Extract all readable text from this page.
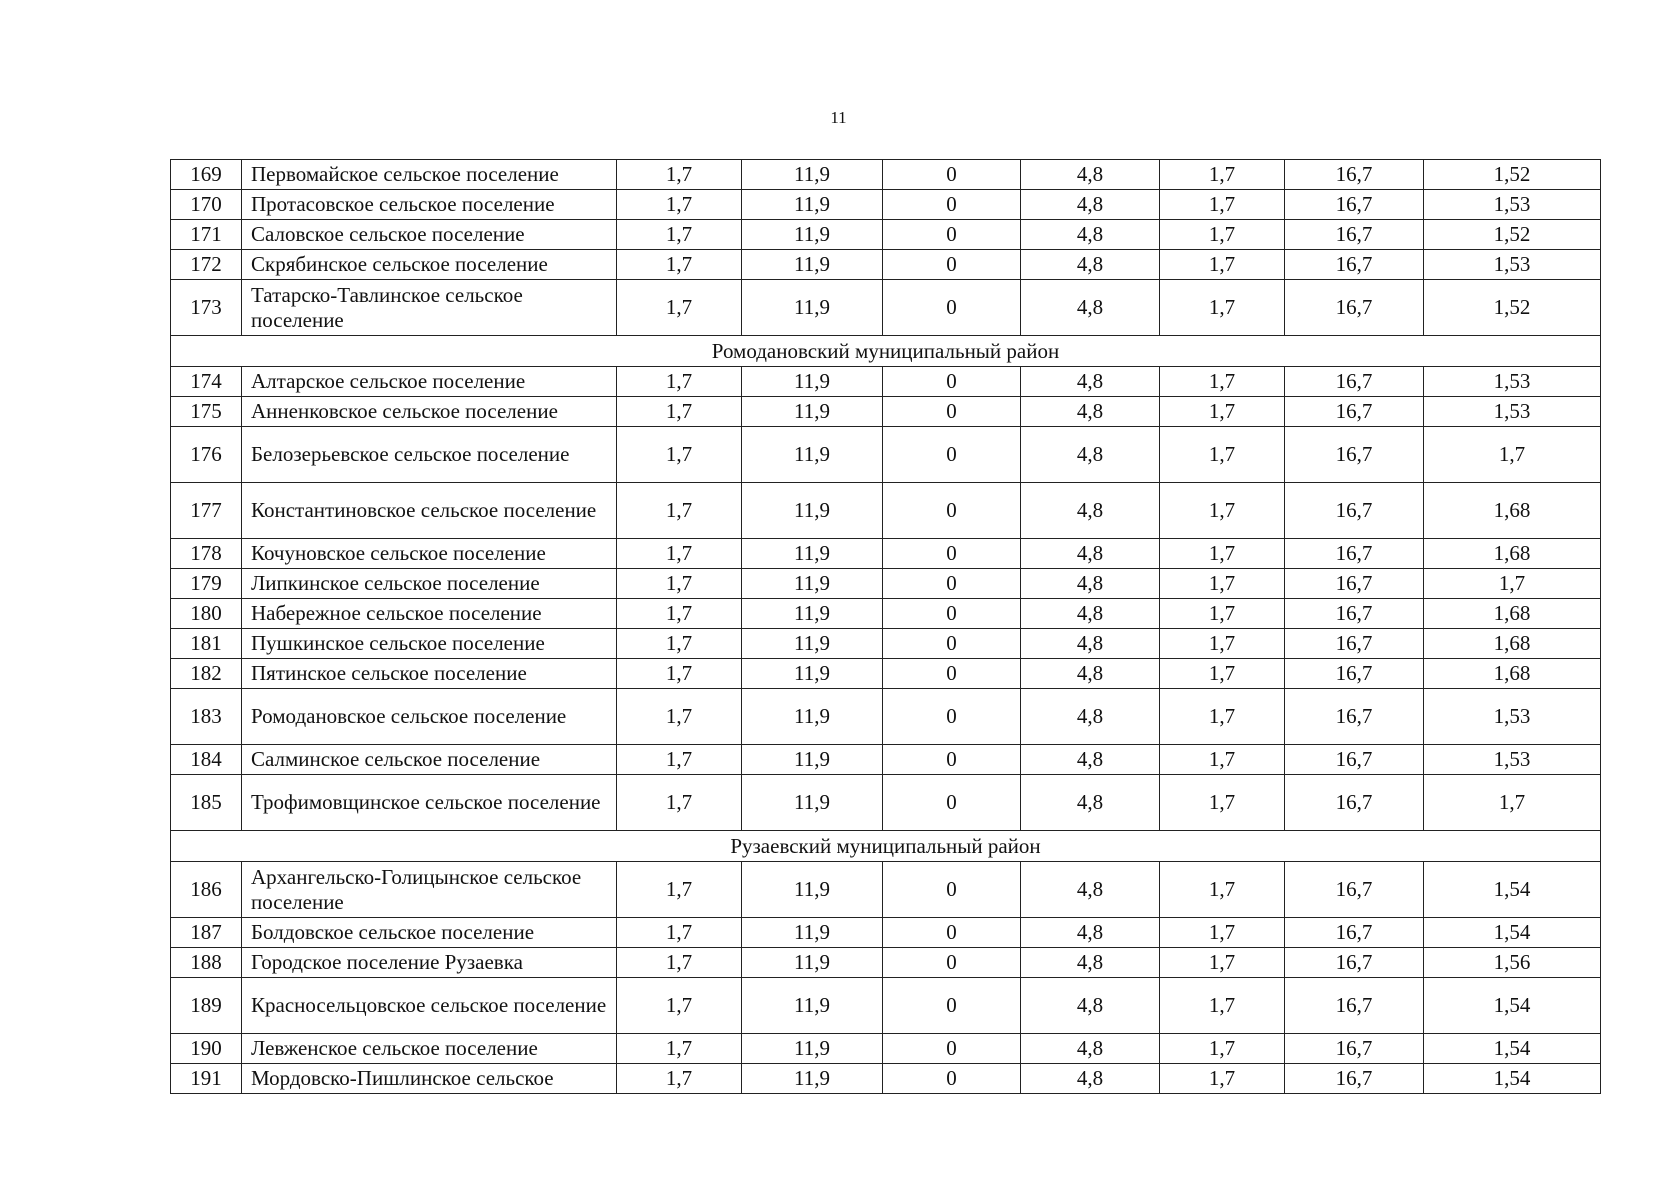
11
169	Первомайское сельское поселение	1,7	11,9	0	4,8	1,7	16,7	1,52
170	Протасовское сельское поселение	1,7	11,9	0	4,8	1,7	16,7	1,53
171	Саловское сельское поселение	1,7	11,9	0	4,8	1,7	16,7	1,52
172	Скрябинское сельское поселение	1,7	11,9	0	4,8	1,7	16,7	1,53
173	Татарско-Тавлинское сельское поселение	1,7	11,9	0	4,8	1,7	16,7	1,52
Ромодановский муниципальный район								
174	Алтарское сельское поселение	1,7	11,9	0	4,8	1,7	16,7	1,53
175	Анненковское сельское поселение	1,7	11,9	0	4,8	1,7	16,7	1,53
176	Белозерьевское сельское поселение	1,7	11,9	0	4,8	1,7	16,7	1,7
177	Константиновское сельское поселение	1,7	11,9	0	4,8	1,7	16,7	1,68
178	Кочуновское сельское поселение	1,7	11,9	0	4,8	1,7	16,7	1,68
179	Липкинское сельское поселение	1,7	11,9	0	4,8	1,7	16,7	1,7
180	Набережное сельское поселение	1,7	11,9	0	4,8	1,7	16,7	1,68
181	Пушкинское сельское поселение	1,7	11,9	0	4,8	1,7	16,7	1,68
182	Пятинское сельское поселение	1,7	11,9	0	4,8	1,7	16,7	1,68
183	Ромодановское сельское поселение	1,7	11,9	0	4,8	1,7	16,7	1,53
184	Салминское сельское поселение	1,7	11,9	0	4,8	1,7	16,7	1,53
185	Трофимовщинское сельское поселение	1,7	11,9	0	4,8	1,7	16,7	1,7
Рузаевский муниципальный район								
186	Архангельско-Голицынское сельское поселение	1,7	11,9	0	4,8	1,7	16,7	1,54
187	Болдовское сельское поселение	1,7	11,9	0	4,8	1,7	16,7	1,54
188	Городское поселение Рузаевка	1,7	11,9	0	4,8	1,7	16,7	1,56
189	Красносельцовское сельское поселение	1,7	11,9	0	4,8	1,7	16,7	1,54
190	Левженское сельское поселение	1,7	11,9	0	4,8	1,7	16,7	1,54
191	Мордовско-Пишлинское сельское	1,7	11,9	0	4,8	1,7	16,7	1,54
